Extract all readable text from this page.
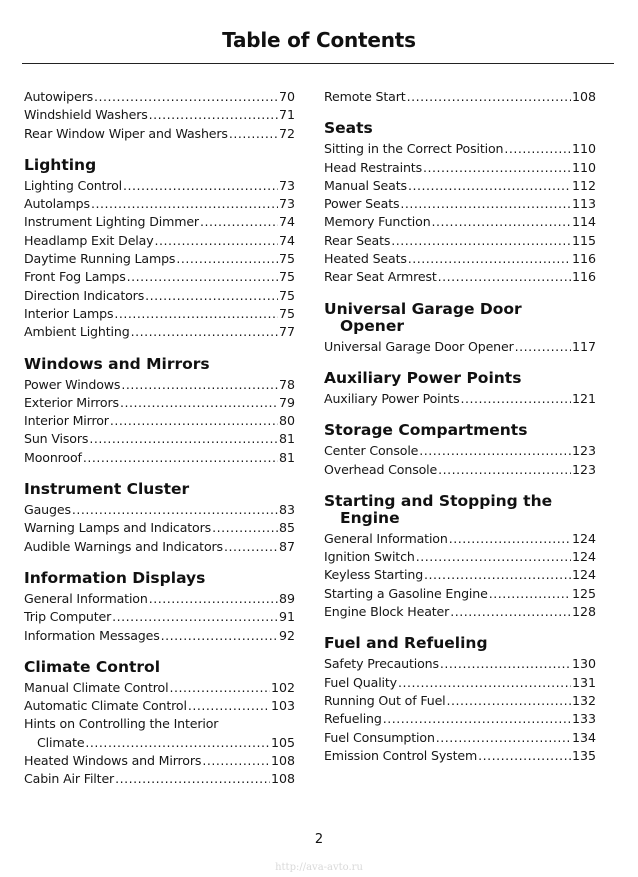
Table of Contents
Autowipers .....	70
Windshield Washers .....	71
Rear Window Wiper and Washers .....	72
Lighting
Lighting Control .....	73
Autolamps .....	73
Instrument Lighting Dimmer .....	74
Headlamp Exit Delay .....	74
Daytime Running Lamps .....	75
Front Fog Lamps .....	75
Direction Indicators .....	75
Interior Lamps .....	75
Ambient Lighting .....	77
Windows and Mirrors
Power Windows .....	78
Exterior Mirrors .....	79
Interior Mirror .....	80
Sun Visors .....	81
Moonroof .....	81
Instrument Cluster
Gauges .....	83
Warning Lamps and Indicators .....	85
Audible Warnings and Indicators .....	87
Information Displays
General Information .....	89
Trip Computer .....	91
Information Messages .....	92
Climate Control
Manual Climate Control .....	102
Automatic Climate Control .....	103
Hints on Controlling the Interior
Climate .....	105
Heated Windows and Mirrors .....	108
Cabin Air Filter .....	108
Remote Start .....	108
Seats
Sitting in the Correct Position .....	110
Head Restraints .....	110
Manual Seats .....	112
Power Seats .....	113
Memory Function .....	114
Rear Seats .....	115
Heated Seats .....	116
Rear Seat Armrest .....	116
Universal Garage Door
Opener
Universal Garage Door Opener .....	117
Auxiliary Power Points
Auxiliary Power Points .....	121
Storage Compartments
Center Console .....	123
Overhead Console .....	123
Starting and Stopping the
Engine
General Information .....	124
Ignition Switch .....	124
Keyless Starting .....	124
Starting a Gasoline Engine .....	125
Engine Block Heater .....	128
Fuel and Refueling
Safety Precautions .....	130
Fuel Quality .....	131
Running Out of Fuel .....	132
Refueling .....	133
Fuel Consumption .....	134
Emission Control System .....	135
2
http://ava-avto.ru
